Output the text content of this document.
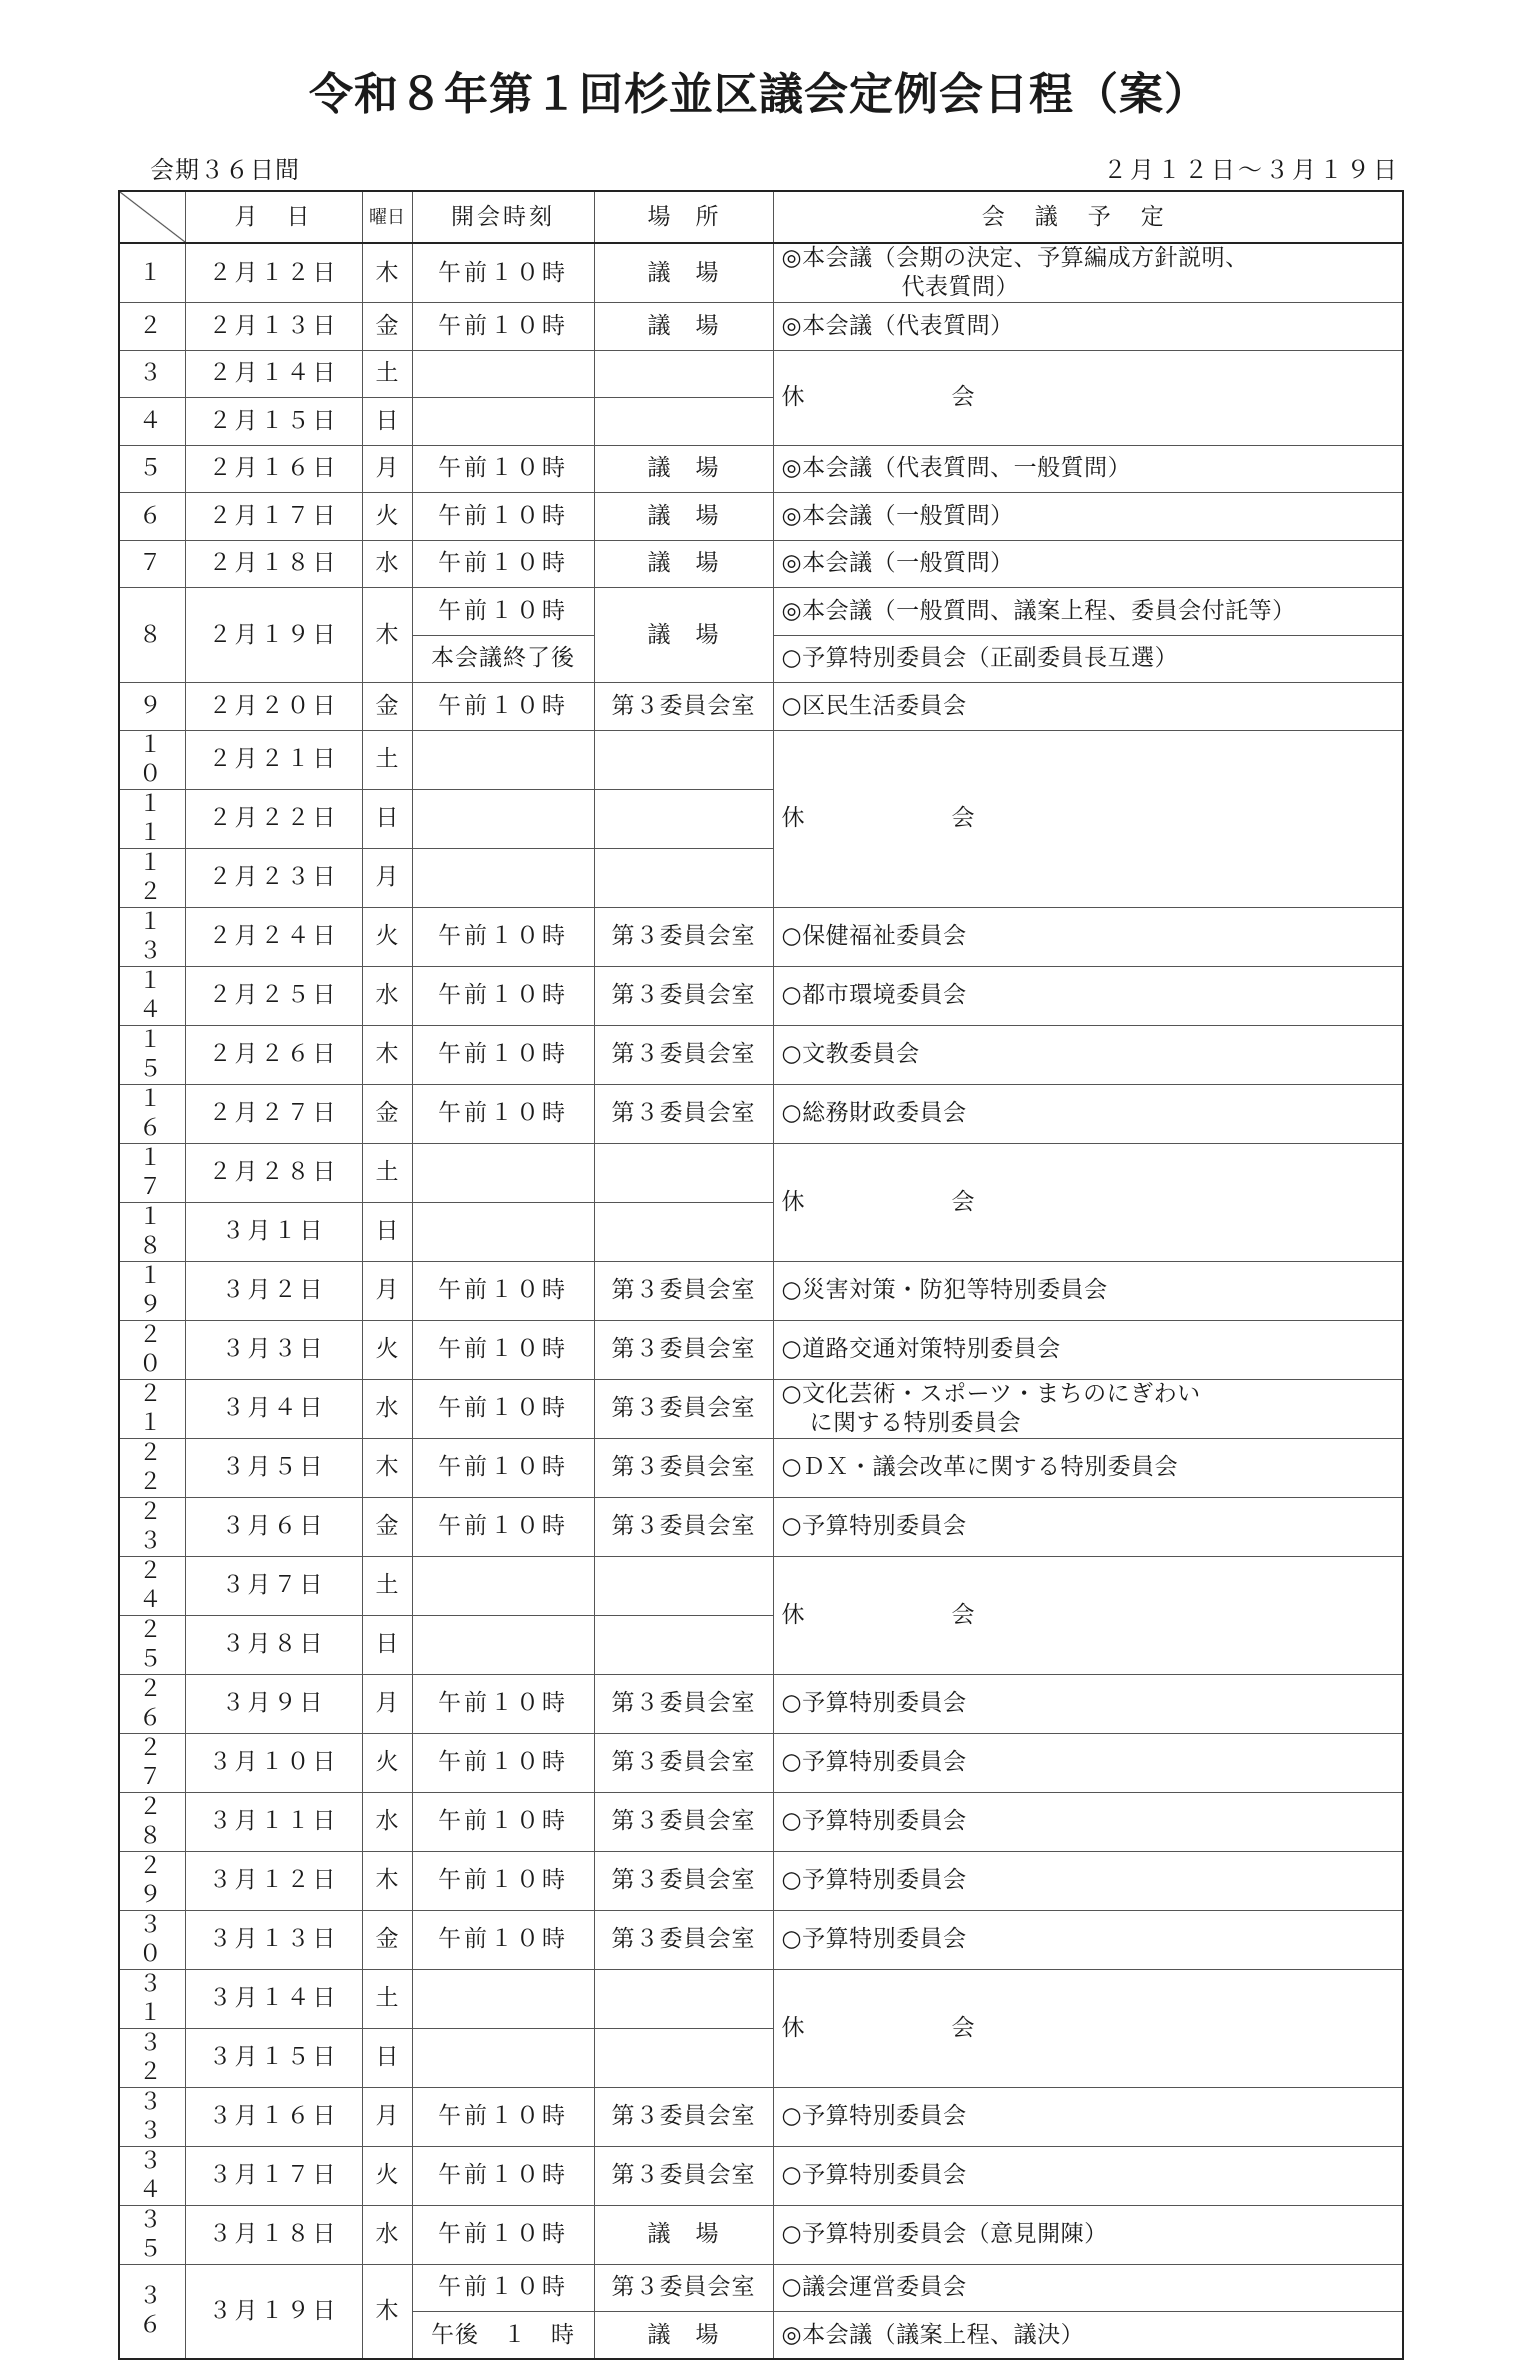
令和８年第１回杉並区議会定例会日程（案）
会期３６日間	２月１２日～３月１９日
	月　日	曜日	開会時刻	場　所	会議予定
１	２月１２日	木	午前１０時	議　場	◎本会議（会期の決定、予算編成方針説明、
代表質問）

２	２月１３日	金	午前１０時	議　場	◎本会議（代表質問）
３	２月１４日	土			休 会
４	２月１５日	日			
５	２月１６日	月	午前１０時	議　場	◎本会議（代表質問、一般質問）
６	２月１７日	火	午前１０時	議　場	◎本会議（一般質問）
７	２月１８日	水	午前１０時	議　場	◎本会議（一般質問）
８	２月１９日	木	午前１０時	議　場	◎本会議（一般質問、議案上程、委員会付託等）
			本会議終了後		○予算特別委員会（正副委員長互選）
９	２月２０日	金	午前１０時	第３委員会室	○区民生活委員会
１０	２月２１日	土			休 会
１１	２月２２日	日			
１２	２月２３日	月			
１３	２月２４日	火	午前１０時	第３委員会室	○保健福祉委員会
１４	２月２５日	水	午前１０時	第３委員会室	○都市環境委員会
１５	２月２６日	木	午前１０時	第３委員会室	○文教委員会
１６	２月２７日	金	午前１０時	第３委員会室	○総務財政委員会
１７	２月２８日	土			休 会
１８	３月１日	日			
１９	３月２日	月	午前１０時	第３委員会室	○災害対策・防犯等特別委員会
２０	３月３日	火	午前１０時	第３委員会室	○道路交通対策特別委員会
２１	３月４日	水	午前１０時	第３委員会室	○文化芸術・スポーツ・まちのにぎわい
に関する特別委員会

２２	３月５日	木	午前１０時	第３委員会室	○ＤＸ・議会改革に関する特別委員会
２３	３月６日	金	午前１０時	第３委員会室	○予算特別委員会
２４	３月７日	土			休 会
２５	３月８日	日			
２６	３月９日	月	午前１０時	第３委員会室	○予算特別委員会
２７	３月１０日	火	午前１０時	第３委員会室	○予算特別委員会
２８	３月１１日	水	午前１０時	第３委員会室	○予算特別委員会
２９	３月１２日	木	午前１０時	第３委員会室	○予算特別委員会
３０	３月１３日	金	午前１０時	第３委員会室	○予算特別委員会
３１	３月１４日	土			休 会
３２	３月１５日	日			
３３	３月１６日	月	午前１０時	第３委員会室	○予算特別委員会
３４	３月１７日	火	午前１０時	第３委員会室	○予算特別委員会
３５	３月１８日	水	午前１０時	議　場	○予算特別委員会（意見開陳）
３６	３月１９日	木	午前１０時	第３委員会室	○議会運営委員会
			午後　１　時	議　場	◎本会議（議案上程、議決）
